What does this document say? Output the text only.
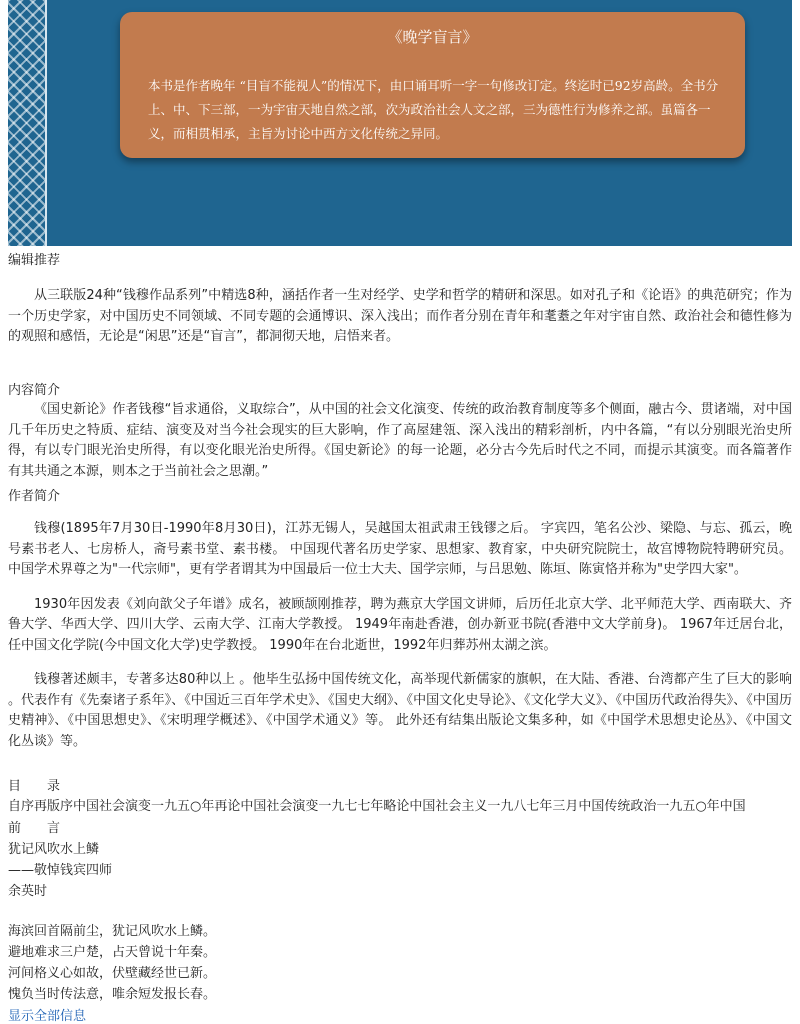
《晚学盲言》
本书是作者晚年 “目盲不能视人”的情况下，由口诵耳听一字一句修改订定。终迄时已92岁高龄。全书分上、中、下三部，一为宇宙天地自然之部，次为政治社会人文之部，三为德性行为修养之部。虽篇各一义，而相贯相承，主旨为讨论中西方文化传统之异同。
编辑推荐

从三联版24种“钱穆作品系列”中精选8种，涵括作者一生对经学、史学和哲学的精研和深思。如对孔子和《论语》的典范研究；作为一个历史学家，对中国历史不同领域、不同专题的会通博识、深入浅出；而作者分别在青年和耄耋之年对宇宙自然、政治社会和德性修为的观照和感悟，无论是“闲思”还是“盲言”，都洞彻天地，启悟来者。

内容简介

《国史新论》作者钱穆“旨求通俗，义取综合”，从中国的社会文化演变、传统的政治教育制度等多个侧面，融古今、贯诸端，对中国几千年历史之特质、症结、演变及对当今社会现实的巨大影响，作了高屋建瓴、深入浅出的精彩剖析，内中各篇，“有以分别眼光治史所得，有以专门眼光治史所得，有以变化眼光治史所得。《国史新论》的每一论题，必分古今先后时代之不同，而提示其演变。而各篇著作有其共通之本源，则本之于当前社会之思潮。”

作者简介

钱穆(1895年7月30日-1990年8月30日)，江苏无锡人，吴越国太祖武肃王钱镠之后。 字宾四，笔名公沙、梁隐、与忘、孤云，晚号素书老人、七房桥人，斋号素书堂、素书楼。 中国现代著名历史学家、思想家、教育家，中央研究院院士，故宫博物院特聘研究员。 中国学术界尊之为"一代宗师"，更有学者谓其为中国最后一位士大夫、国学宗师，与吕思勉、陈垣、陈寅恪并称为"史学四大家"。

1930年因发表《刘向歆父子年谱》成名，被顾颉刚推荐，聘为燕京大学国文讲师，后历任北京大学、北平师范大学、西南联大、齐鲁大学、华西大学、四川大学、云南大学、江南大学教授。 1949年南赴香港，创办新亚书院(香港中文大学前身)。 1967年迁居台北，任中国文化学院(今中国文化大学)史学教授。 1990年在台北逝世，1992年归葬苏州太湖之滨。

钱穆著述颇丰，专著多达80种以上 。他毕生弘扬中国传统文化，高举现代新儒家的旗帜，在大陆、香港、台湾都产生了巨大的影响 。代表作有《先秦诸子系年》、《中国近三百年学术史》、《国史大纲》、《中国文化史导论》、《文化学大义》、《中国历代政治得失》、《中国历史精神》、《中国思想史》、《宋明理学概述》、《中国学术通义》等。 此外还有结集出版论文集多种，如《中国学术思想史论丛》、《中国文化丛谈》等。

目　　录
自序再版序中国社会演变一九五○年再论中国社会演变一九七七年略论中国社会主义一九八七年三月中国传统政治一九五○年中国
前　　言
犹记风吹水上鳞
——敬悼钱宾四师
余英时
海滨回首隔前尘，犹记风吹水上鳞。
避地难求三户楚，占天曾说十年秦。
河间格义心如故，伏壁藏经世已新。
愧负当时传法意，唯余短发报长春。
显示全部信息
